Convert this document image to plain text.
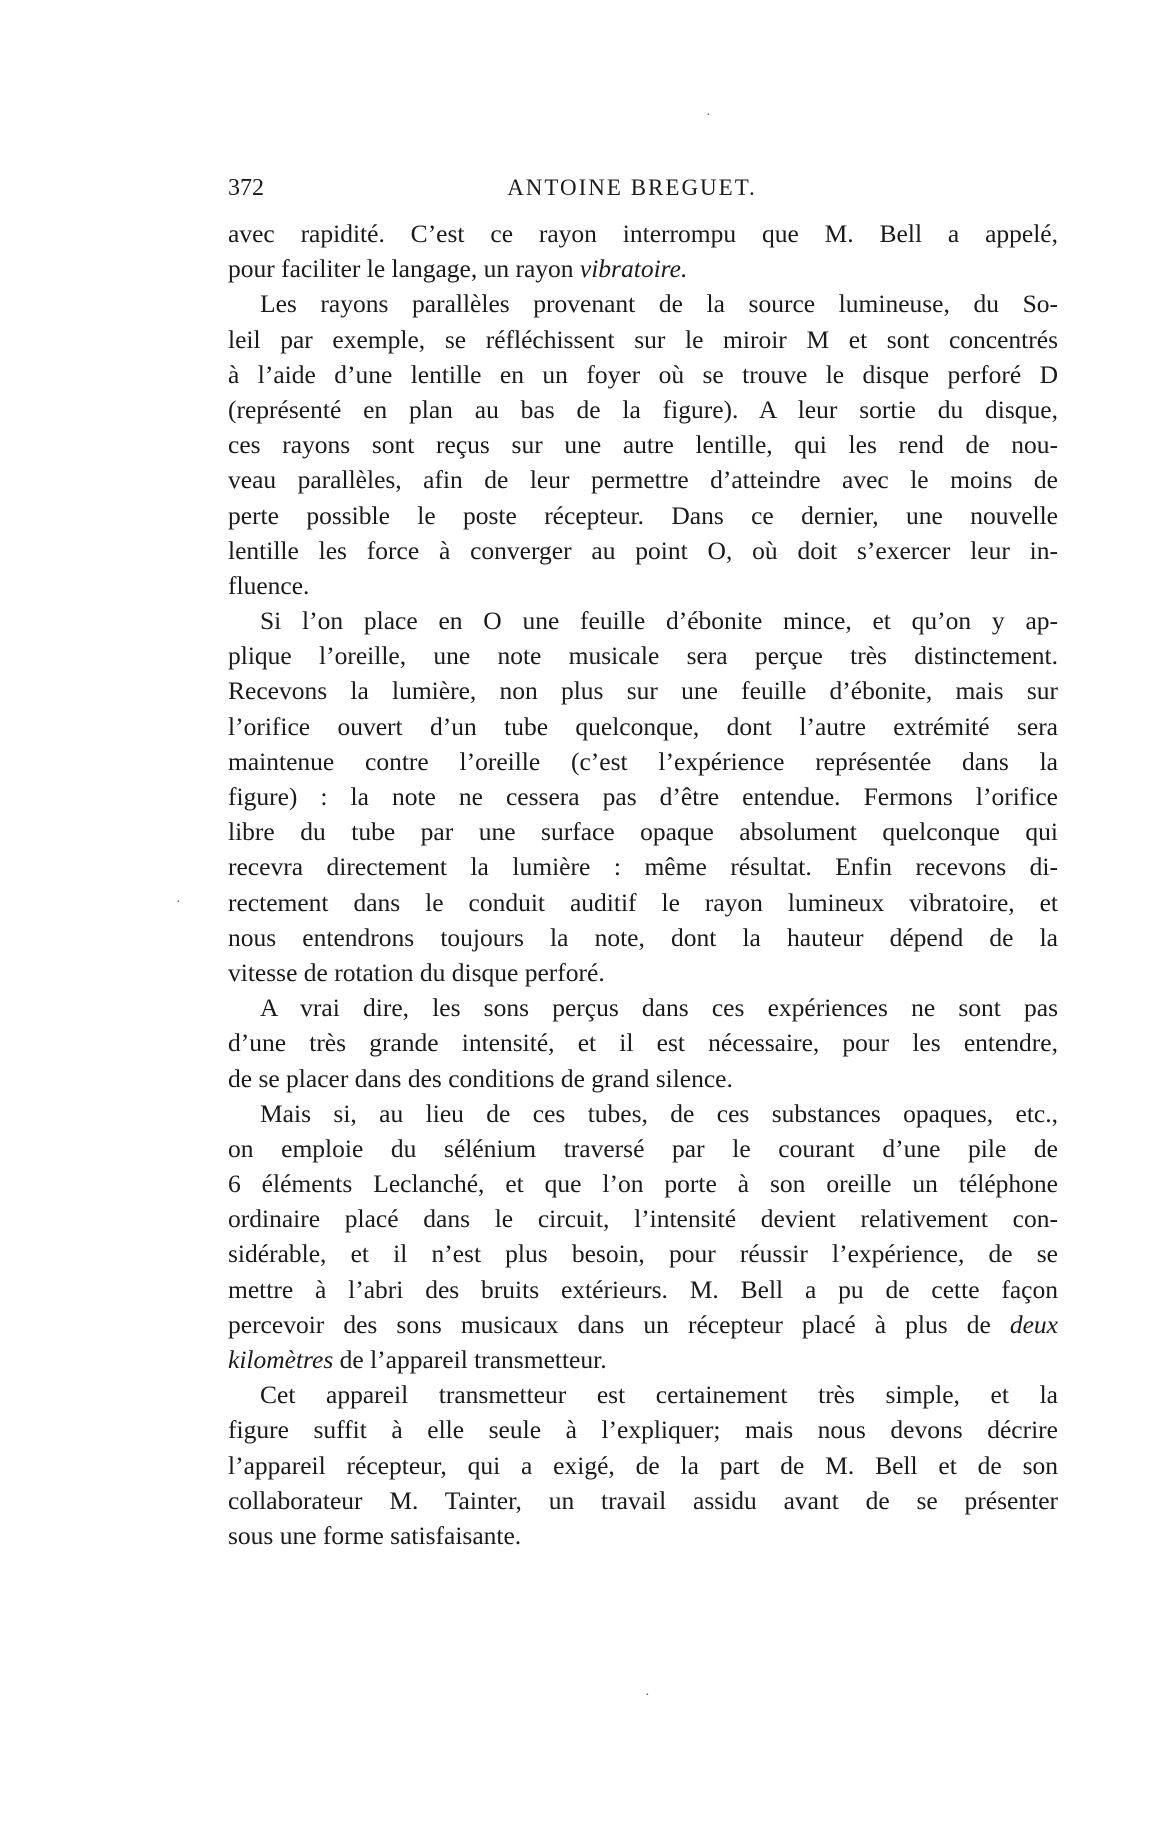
372	ANTOINE BREGUET.
avec rapidité. C’est ce rayon interrompu que M. Bell a appelé,
pour faciliter le langage, un rayon vibratoire.
Les rayons parallèles provenant de la source lumineuse, du So-
leil par exemple, se réfléchissent sur le miroir M et sont concentrés
à l’aide d’une lentille en un foyer où se trouve le disque perforé D
(représenté en plan au bas de la figure). A leur sortie du disque,
ces rayons sont reçus sur une autre lentille, qui les rend de nou-
veau parallèles, afin de leur permettre d’atteindre avec le moins de
perte possible le poste récepteur. Dans ce dernier, une nouvelle
lentille les force à converger au point O, où doit s’exercer leur in-
fluence.
Si l’on place en O une feuille d’ébonite mince, et qu’on y ap-
plique l’oreille, une note musicale sera perçue très distinctement.
Recevons la lumière, non plus sur une feuille d’ébonite, mais sur
l’orifice ouvert d’un tube quelconque, dont l’autre extrémité sera
maintenue contre l’oreille (c’est l’expérience représentée dans la
figure) : la note ne cessera pas d’être entendue. Fermons l’orifice
libre du tube par une surface opaque absolument quelconque qui
recevra directement la lumière : même résultat. Enfin recevons di-
rectement dans le conduit auditif le rayon lumineux vibratoire, et
nous entendrons toujours la note, dont la hauteur dépend de la
vitesse de rotation du disque perforé.
A vrai dire, les sons perçus dans ces expériences ne sont pas
d’une très grande intensité, et il est nécessaire, pour les entendre,
de se placer dans des conditions de grand silence.
Mais si, au lieu de ces tubes, de ces substances opaques, etc.,
on emploie du sélénium traversé par le courant d’une pile de
6 éléments Leclanché, et que l’on porte à son oreille un téléphone
ordinaire placé dans le circuit, l’intensité devient relativement con-
sidérable, et il n’est plus besoin, pour réussir l’expérience, de se
mettre à l’abri des bruits extérieurs. M. Bell a pu de cette façon
percevoir des sons musicaux dans un récepteur placé à plus de deux
kilomètres de l’appareil transmetteur.
Cet appareil transmetteur est certainement très simple, et la
figure suffit à elle seule à l’expliquer; mais nous devons décrire
l’appareil récepteur, qui a exigé, de la part de M. Bell et de son
collaborateur M. Tainter, un travail assidu avant de se présenter
sous une forme satisfaisante.
·
·
·
